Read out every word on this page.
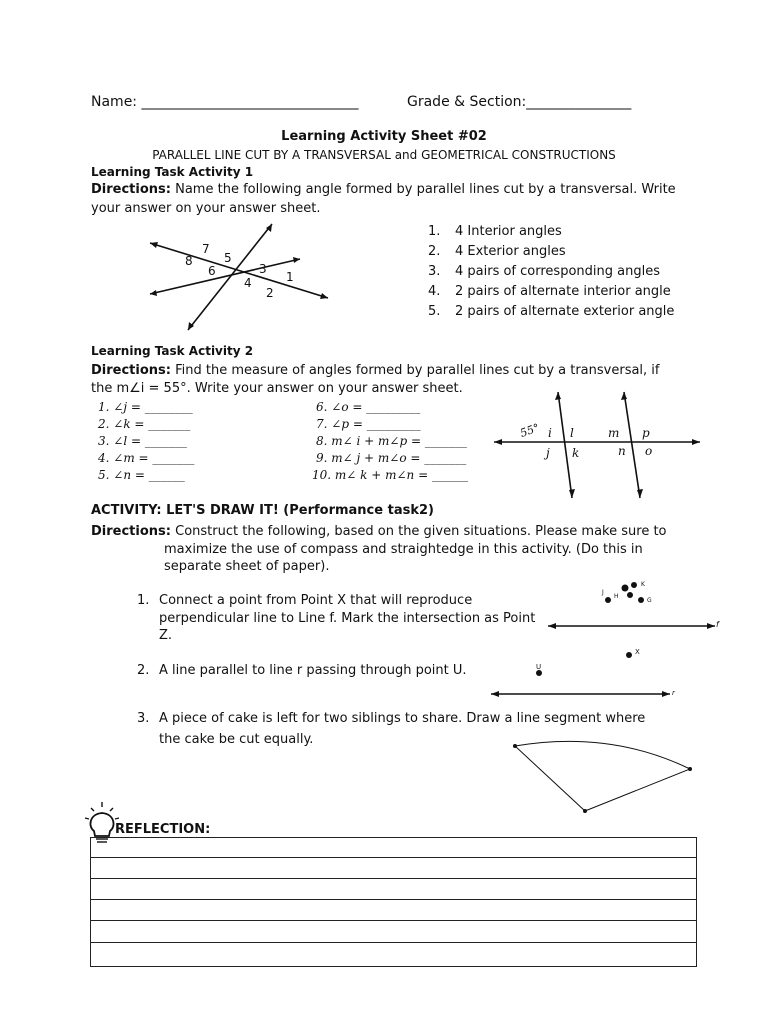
Name: _______________________________	Grade & Section:_______________
Learning Activity Sheet #02
PARALLEL LINE CUT BY A TRANSVERSAL and GEOMETRICAL CONSTRUCTIONS
Learning Task Activity 1
Directions: Name the following angle formed by parallel lines cut by a transversal. Write
your answer on your answer sheet.
7
8	5
6	3
1
4
2
1. 4 Interior angles
2. 4 Exterior angles
3. 4 pairs of corresponding angles
4. 2 pairs of alternate interior angle
5. 2 pairs of alternate exterior angle
Learning Task Activity 2
Directions: Find the measure of angles formed by parallel lines cut by a transversal, if
the m∠i = 55°. Write your answer on your answer sheet.
1. ∠j = ________
2. ∠k = _______
3. ∠l = _______
4. ∠m = _______
5. ∠n = ______
6. ∠o = _________
7. ∠p = _________
8. m∠ i + m∠p = _______
9. m∠ j + m∠o = _______
10. m∠ k + m∠n = ______
55° i l	m p
j k	n o
ACTIVITY: LET'S DRAW IT! (Performance task2)
Directions: Construct the following, based on the given situations. Please make sure to
maximize the use of compass and straightedge in this activity. (Do this in
separate sheet of paper).
1. Connect a point from Point X that will reproduce
perpendicular line to Line f. Mark the intersection as Point
Z.
2. A line parallel to line r passing through point U.
3. A piece of cake is left for two siblings to share. Draw a line segment where
the cake be cut equally.
J
H
I
K
G
f
X
U
r
REFLECTION:
